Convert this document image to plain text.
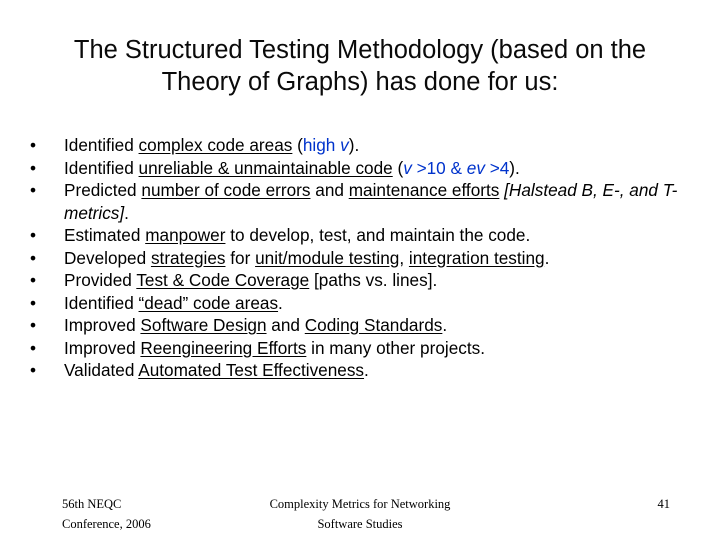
The Structured Testing Methodology (based on the
Theory of Graphs) has done for us:
• Identified complex code areas (high v).
• Identified unreliable & unmaintainable code (v >10 & ev >4).
• Predicted number of code errors and maintenance efforts [Halstead B, E-, and T-metrics].
• Estimated manpower to develop, test, and maintain the code.
• Developed strategies for unit/module testing, integration testing.
• Provided Test & Code Coverage [paths vs. lines].
• Identified “dead” code areas.
• Improved Software Design and Coding Standards.
• Improved Reengineering Efforts in many other projects.
• Validated Automated Test Effectiveness.
56th NEQC
Conference, 2006
Complexity Metrics for Networking
Software Studies
41
